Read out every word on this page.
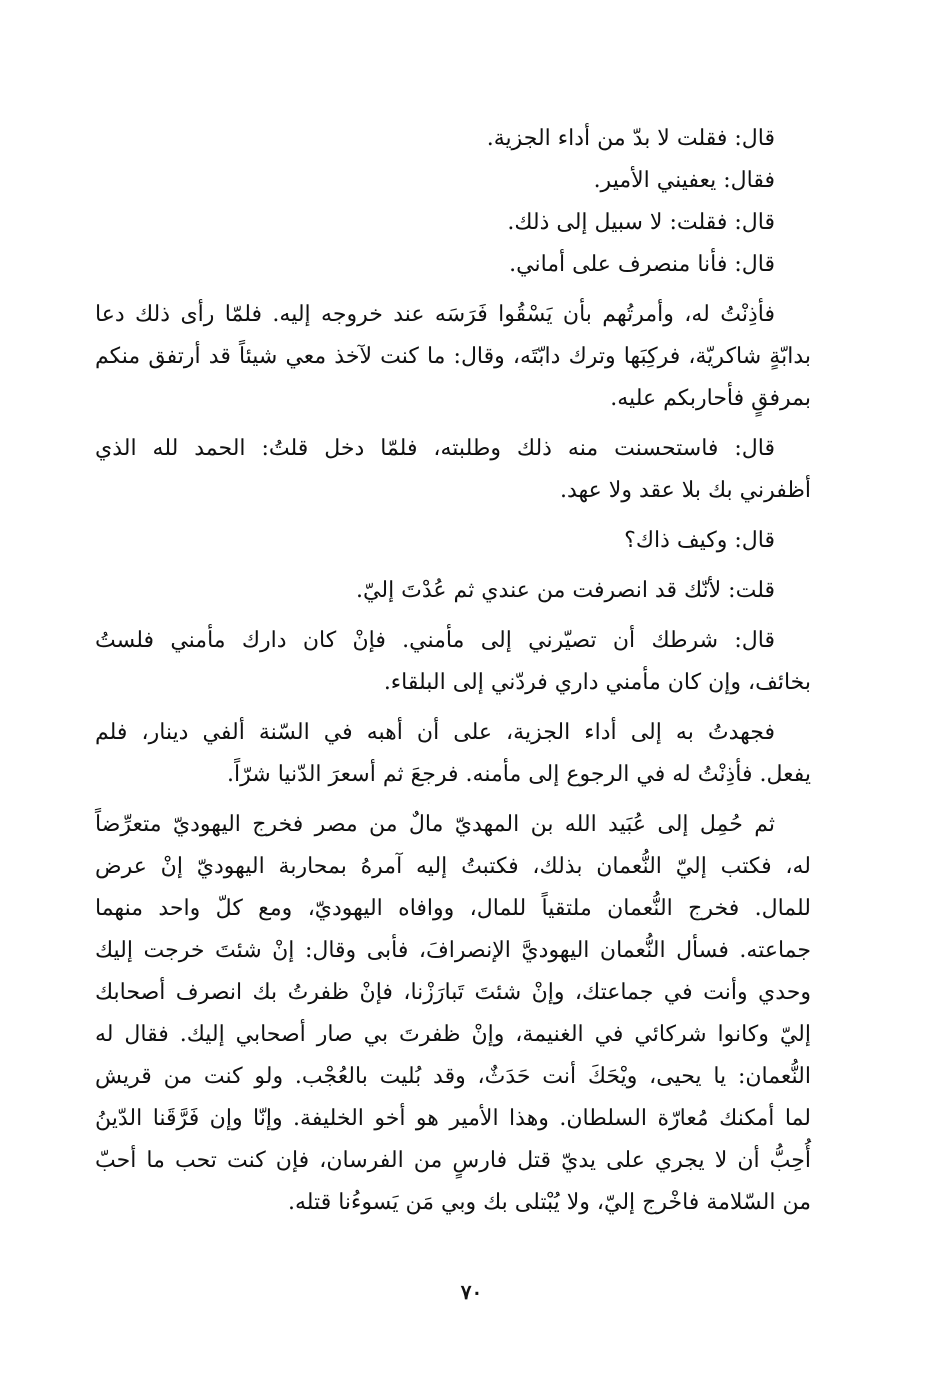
قال: فقلت لا بدّ من أداء الجزية.
فقال: يعفيني الأمير.
قال: فقلت: لا سبيل إلى ذلك.
قال: فأنا منصرف على أماني.
فأذِنْتُ له، وأمرتُهم بأن يَسْقُوا فَرَسَه عند خروجه إليه. فلمّا رأى ذلك دعا
بدابّةٍ شاكريّة، فركِبَها وترك دابّتَه، وقال: ما كنت لآخذ معي شيئاً قد أرتفق منكم
بمرفقٍ فأحاربكم عليه.
قال: فاستحسنت منه ذلك وطلبته، فلمّا دخل قلتُ: الحمد لله الذي
أظفرني بك بلا عقد ولا عهد.
قال: وكيف ذاك؟
قلت: لأنّك قد انصرفت من عندي ثم عُدْتَ إليّ.
قال: شرطك أن تصيّرني إلى مأمني. فإنْ كان دارك مأمني فلستُ
بخائف، وإن كان مأمني داري فردّني إلى البلقاء.
فجهدتُ به إلى أداء الجزية، على أن أهبه في السّنة ألفي دينار، فلم
يفعل. فأذِنْتُ له في الرجوع إلى مأمنه. فرجعَ ثم أسعرَ الدّنيا شرّاً.
ثم حُمِل إلى عُبَيد الله بن المهديّ مالٌ من مصر فخرج اليهوديّ متعرِّضاً
له، فكتب إليّ النُّعمان بذلك، فكتبتُ إليه آمرهُ بمحاربة اليهوديّ إنْ عرض
للمال. فخرج النُّعمان ملتقياً للمال، ووافاه اليهوديّ، ومع كلّ واحد منهما
جماعته. فسأل النُّعمان اليهوديَّ الإنصرافَ، فأبى وقال: إنْ شئتَ خرجت إليك
وحدي وأنت في جماعتك، وإنْ شئتَ تَبارَزْنا، فإنْ ظفرتُ بك انصرف أصحابك
إليّ وكانوا شركائي في الغنيمة، وإنْ ظفرتَ بي صار أصحابي إليك. فقال له
النُّعمان: يا يحيى، ويْحَكَ أنت حَدَثٌ، وقد بُليت بالعُجْب. ولو كنت من قريش
لما أمكنك مُعارّة السلطان. وهذا الأمير هو أخو الخليفة. وإنّا وإن فَرَّقَنا الدّينُ
أُحِبُّ أن لا يجري على يديّ قتل فارسٍ من الفرسان، فإن كنت تحب ما أحبّ
من السّلامة فاخْرج إليّ، ولا يُبْتلى بك وبي مَن يَسوءُنا قتله.
٧٠
